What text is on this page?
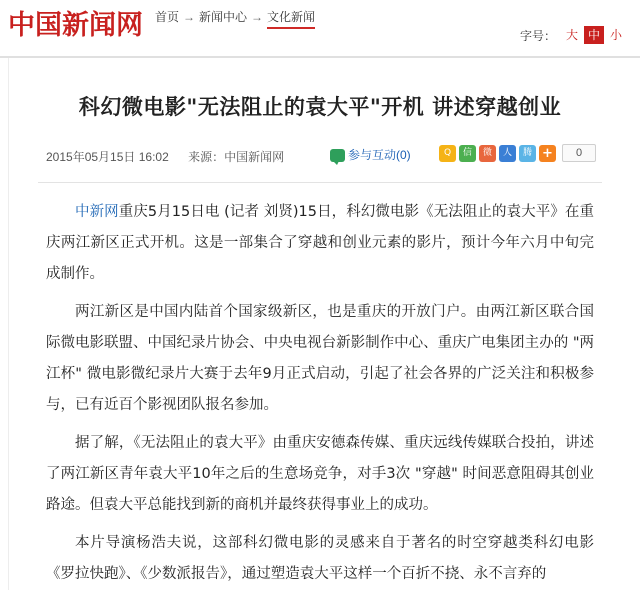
中国新闻网 首页 → 新闻中心 → 文化新闻
字号： 大 中 小
科幻微电影"无法阻止的袁大平"开机 讲述穿越创业
2015年05月15日 16:02 来源：中国新闻网	参与互动(0)	Q	信	微	人	腾 +	0

中新网重庆5月15日电 (记者 刘贤)15日，科幻微电影《无法阻止的袁大平》在重庆两江新区正式开机。这是一部集合了穿越和创业元素的影片，预计今年六月中旬完成制作。

两江新区是中国内陆首个国家级新区，也是重庆的开放门户。由两江新区联合国际微电影联盟、中国纪录片协会、中央电视台新影制作中心、重庆广电集团主办的 "两江杯" 微电影微纪录片大赛于去年9月正式启动，引起了社会各界的广泛关注和积极参与，已有近百个影视团队报名参加。

据了解，《无法阻止的袁大平》由重庆安德森传媒、重庆远线传媒联合投拍，讲述了两江新区青年袁大平10年之后的生意场竞争，对手3次 "穿越" 时间恶意阻碍其创业路途。但袁大平总能找到新的商机并最终获得事业上的成功。

本片导演杨浩夫说，这部科幻微电影的灵感来自于著名的时空穿越类科幻电影《罗拉快跑》、《少数派报告》，通过塑造袁大平这样一个百折不挠、永不言弃的
